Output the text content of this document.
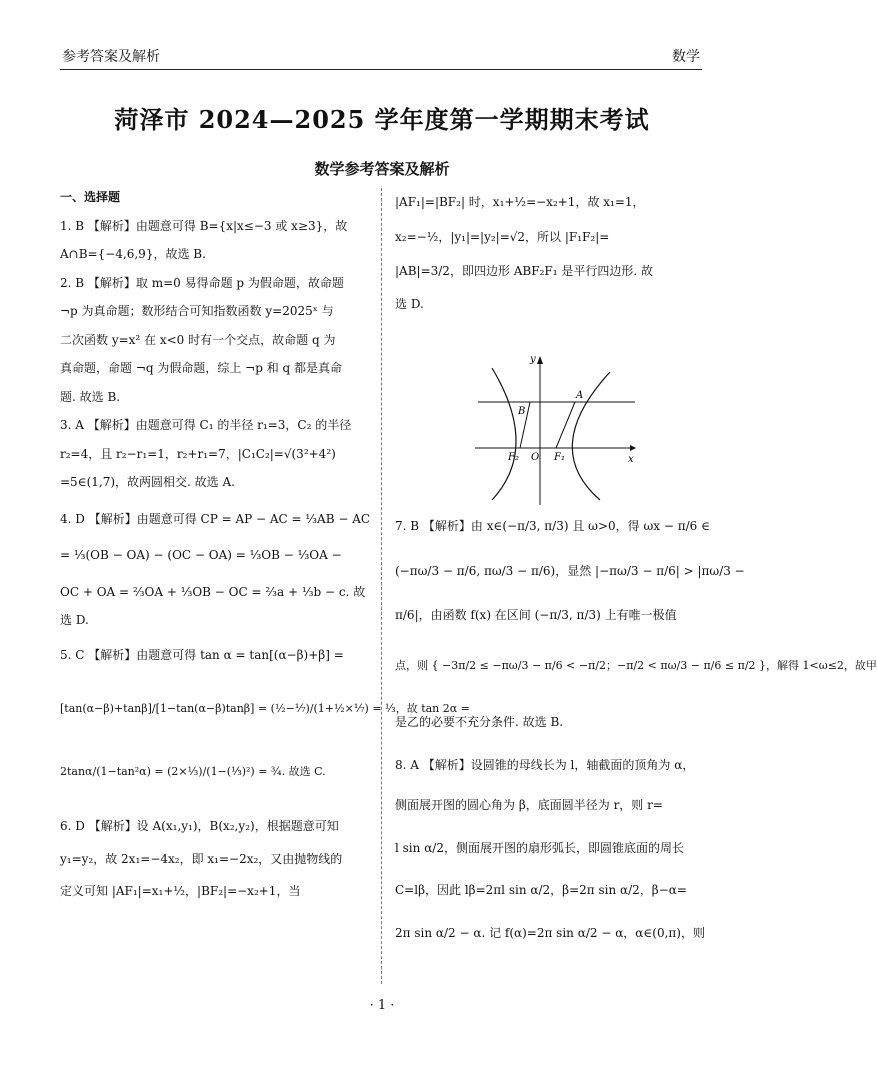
参考答案及解析	数学
菏泽市 2024—2025 学年度第一学期期末考试
数学参考答案及解析

一、选择题

1. B 【解析】由题意可得 B={x|x≤−3 或 x≥3}，故

A∩B={−4,6,9}，故选 B.

2. B 【解析】取 m=0 易得命题 p 为假命题，故命题

¬p 为真命题；数形结合可知指数函数 y=2025ˣ 与

二次函数 y=x² 在 x<0 时有一个交点，故命题 q 为

真命题，命题 ¬q 为假命题，综上 ¬p 和 q 都是真命

题. 故选 B.

3. A 【解析】由题意可得 C₁ 的半径 r₁=3，C₂ 的半径

r₂=4，且 r₂−r₁=1，r₂+r₁=7，|C₁C₂|=√(3²+4²)

=5∈(1,7)，故两圆相交. 故选 A.

4. D 【解析】由题意可得 CP = AP − AC = ⅓AB − AC

= ⅓(OB − OA) − (OC − OA) = ⅓OB − ⅓OA −

OC + OA = ⅔OA + ⅓OB − OC = ⅔a + ⅓b − c. 故

选 D.

5. C 【解析】由题意可得 tan α = tan[(α−β)+β] =

[tan(α−β)+tanβ]/[1−tan(α−β)tanβ] = (½−⅐)/(1+½×⅐) = ⅓，故 tan 2α =

2tanα/(1−tan²α) = (2×⅓)/(1−(⅓)²) = ¾. 故选 C.

6. D 【解析】设 A(x₁,y₁)，B(x₂,y₂)，根据题意可知

y₁=y₂，故 2x₁=−4x₂，即 x₁=−2x₂，又由抛物线的

定义可知 |AF₁|=x₁+½，|BF₂|=−x₂+1，当

|AF₁|=|BF₂| 时，x₁+½=−x₂+1，故 x₁=1，

x₂=−½，|y₁|=|y₂|=√2，所以 |F₁F₂|=

|AB|=3/2，即四边形 ABF₂F₁ 是平行四边形. 故

选 D.

y
x
A
B
F₂ O F₁

7. B 【解析】由 x∈(−π/3, π/3) 且 ω>0，得 ωx − π/6 ∈

(−πω/3 − π/6, πω/3 − π/6)，显然 |−πω/3 − π/6| > |πω/3 −

π/6|，由函数 f(x) 在区间 (−π/3, π/3) 上有唯一极值

点，则 { −3π/2 ≤ −πω/3 − π/6 < −π/2；−π/2 < πω/3 − π/6 ≤ π/2 }，解得 1<ω≤2，故甲

是乙的必要不充分条件. 故选 B.

8. A 【解析】设圆锥的母线长为 l，轴截面的顶角为 α，

侧面展开图的圆心角为 β，底面圆半径为 r，则 r=

l sin α/2，侧面展开图的扇形弧长，即圆锥底面的周长

C=lβ，因此 lβ=2πl sin α/2，β=2π sin α/2，β−α=

2π sin α/2 − α. 记 f(α)=2π sin α/2 − α，α∈(0,π)，则

· 1 ·
